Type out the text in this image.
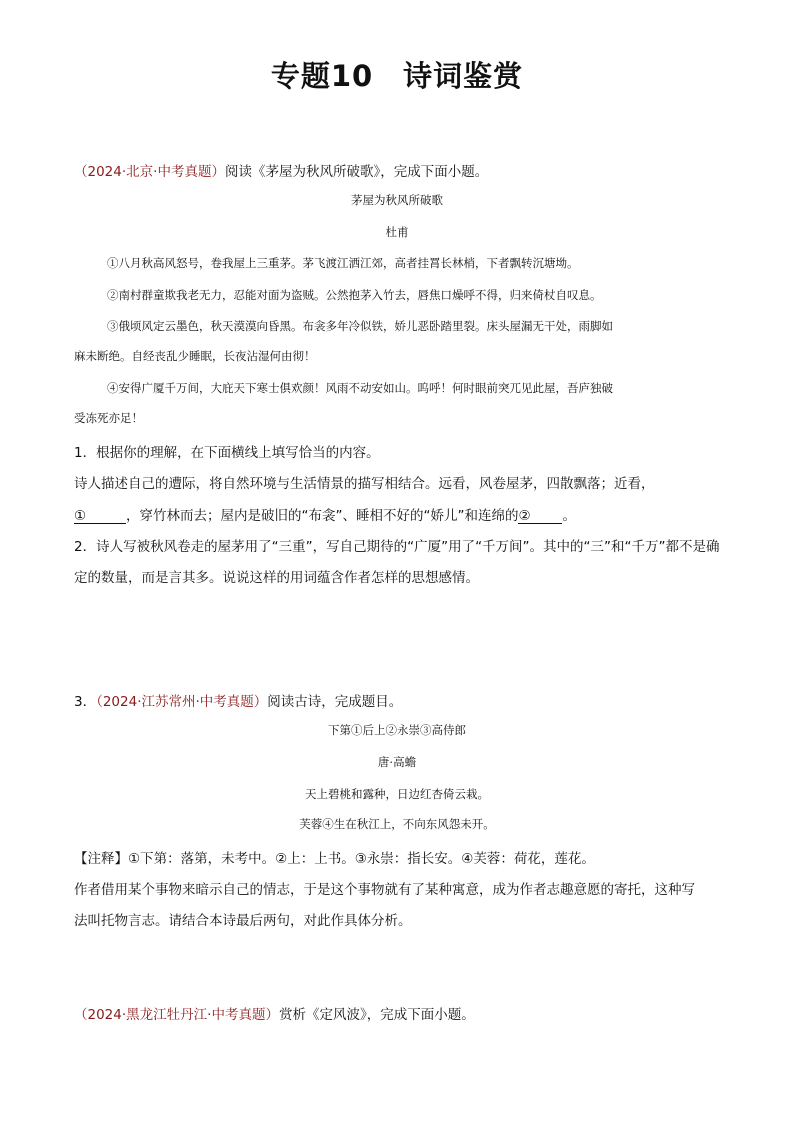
专题10　诗词鉴赏
（2024·北京·中考真题）阅读《茅屋为秋风所破歌》，完成下面小题。
茅屋为秋风所破歌
杜甫
①八月秋高风怒号，卷我屋上三重茅。茅飞渡江洒江郊，高者挂罥长林梢，下者飘转沉塘坳。
②南村群童欺我老无力，忍能对面为盗贼。公然抱茅入竹去，唇焦口燥呼不得，归来倚杖自叹息。
③俄顷风定云墨色，秋天漠漠向昏黑。布衾多年冷似铁，娇儿恶卧踏里裂。床头屋漏无干处，雨脚如
麻未断绝。自经丧乱少睡眠，长夜沾湿何由彻！
④安得广厦千万间，大庇天下寒士俱欢颜！风雨不动安如山。呜呼！何时眼前突兀见此屋，吾庐独破
受冻死亦足！
1．根据你的理解，在下面横线上填写恰当的内容。
诗人描述自己的遭际，将自然环境与生活情景的描写相结合。远看，风卷屋茅，四散飘落；近看，
①	，穿竹林而去；屋内是破旧的“布衾”、睡相不好的“娇儿”和连绵的② 。
2．诗人写被秋风卷走的屋茅用了“三重”，写自己期待的“广厦”用了“千万间”。其中的“三”和“千万”都不是确
定的数量，而是言其多。说说这样的用词蕴含作者怎样的思想感情。
3．（2024·江苏常州·中考真题）阅读古诗，完成题目。
下第①后上②永崇③高侍郎
唐·高蟾
天上碧桃和露种，日边红杏倚云栽。
芙蓉④生在秋江上，不向东风怨未开。
【注释】①下第：落第，未考中。②上：上书。③永崇：指长安。④芙蓉：荷花，莲花。
作者借用某个事物来暗示自己的情志，于是这个事物就有了某种寓意，成为作者志趣意愿的寄托，这种写
法叫托物言志。请结合本诗最后两句，对此作具体分析。
（2024·黑龙江牡丹江·中考真题）赏析《定风波》，完成下面小题。
